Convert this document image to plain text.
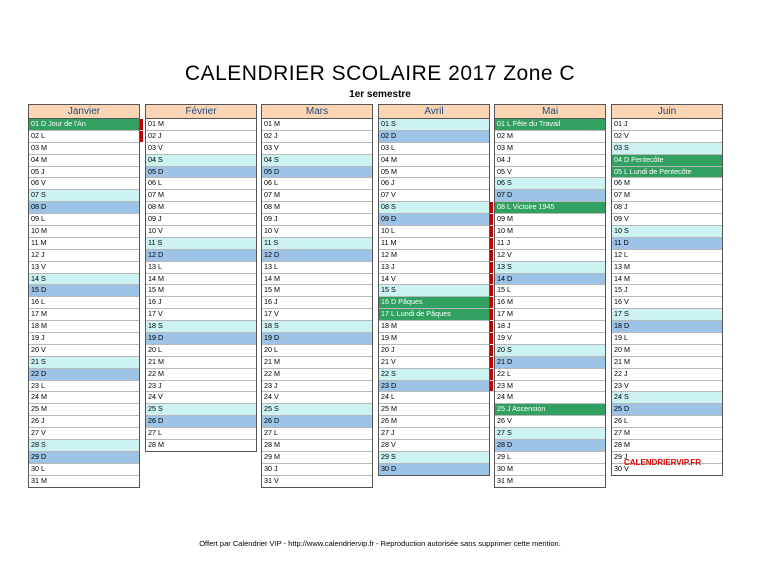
CALENDRIER SCOLAIRE 2017 Zone C
1er semestre
Janvier
01 D Jour de l'An
02 L
03 M
04 M
05 J
06 V
07 S
08 D
09 L
10 M
11 M
12 J
13 V
14 S
15 D
16 L
17 M
18 M
19 J
20 V
21 S
22 D
23 L
24 M
25 M
26 J
27 V
28 S
29 D
30 L
31 M
Février
01 M
02 J
03 V
04 S
05 D
06 L
07 M
08 M
09 J
10 V
11 S
12 D
13 L
14 M
15 M
16 J
17 V
18 S
19 D
20 L
21 M
22 M
23 J
24 V
25 S
26 D
27 L
28 M
Mars
01 M
02 J
03 V
04 S
05 D
06 L
07 M
08 M
09 J
10 V
11 S
12 D
13 L
14 M
15 M
16 J
17 V
18 S
19 D
20 L
21 M
22 M
23 J
24 V
25 S
26 D
27 L
28 M
29 M
30 J
31 V
Avril
01 S
02 D
03 L
04 M
05 M
06 J
07 V
08 S
09 D
10 L
11 M
12 M
13 J
14 V
15 S
16 D Pâques
17 L Lundi de Pâques
18 M
19 M
20 J
21 V
22 S
23 D
24 L
25 M
26 M
27 J
28 V
29 S
30 D
Mai
01 L Fête du Travail
02 M
03 M
04 J
05 V
06 S
07 D
08 L Victoire 1945
09 M
10 M
11 J
12 V
13 S
14 D
15 L
16 M
17 M
18 J
19 V
20 S
21 D
22 L
23 M
24 M
25 J Ascension
26 V
27 S
28 D
29 L
30 M
31 M
Juin
01 J
02 V
03 S
04 D Pentecôte
05 L Lundi de Pentecôte
06 M
07 M
08 J
09 V
10 S
11 D
12 L
13 M
14 M
15 J
16 V
17 S
18 D
19 L
20 M
21 M
22 J
23 V
24 S
25 D
26 L
27 M
28 M
29 J
30 V
CALENDRIERVIP.FR
Offert par Calendrier VIP - http://www.calendriervip.fr - Reproduction autorisée sans supprimer cette mention.
